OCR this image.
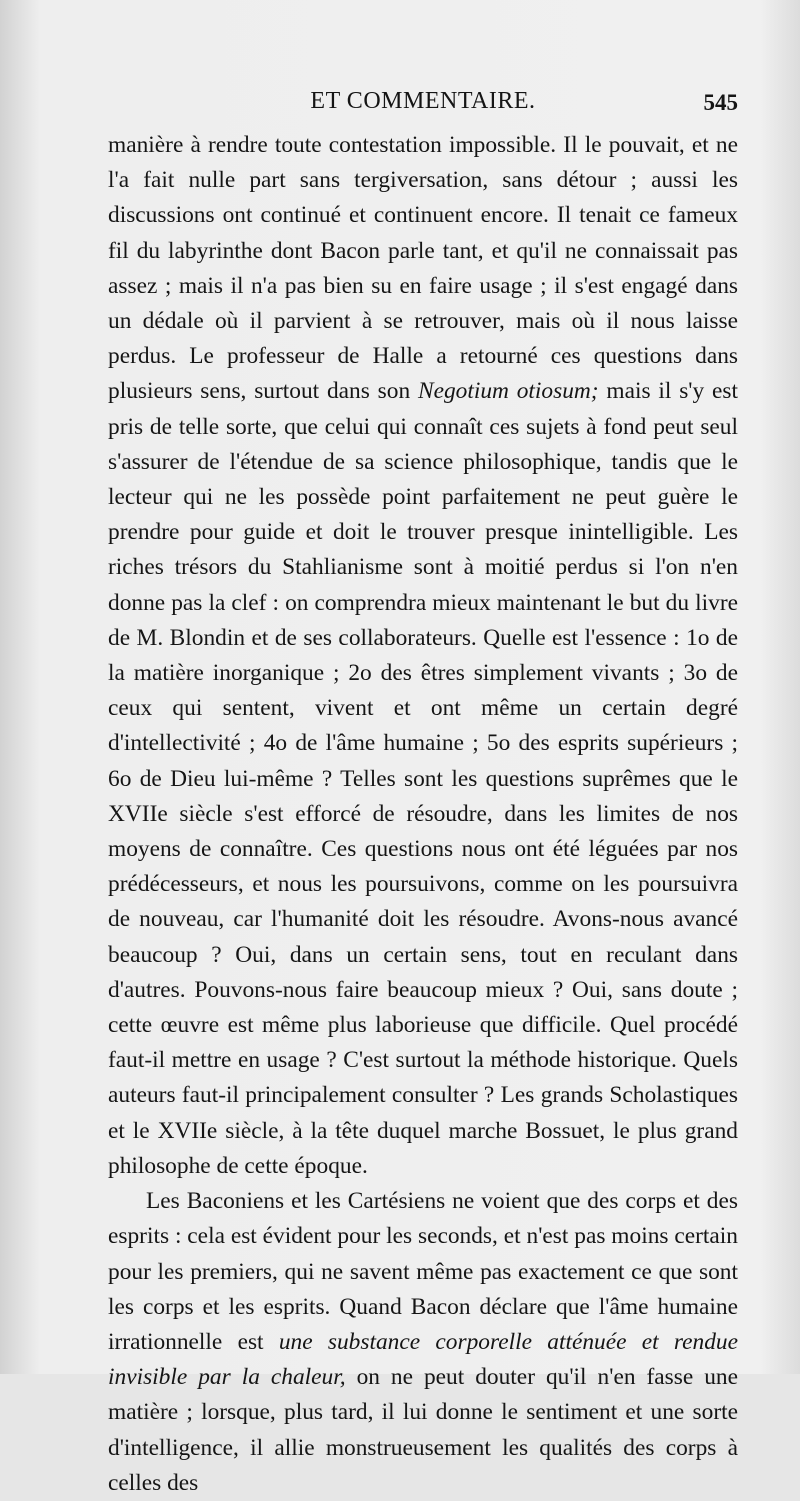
ET COMMENTAIRE.	545

manière à rendre toute contestation impossible. Il le pouvait, et ne l'a fait nulle part sans tergiversation, sans détour ; aussi les discussions ont continué et continuent encore. Il tenait ce fameux fil du labyrinthe dont Bacon parle tant, et qu'il ne connaissait pas assez ; mais il n'a pas bien su en faire usage ; il s'est engagé dans un dédale où il parvient à se retrouver, mais où il nous laisse perdus. Le professeur de Halle a retourné ces questions dans plusieurs sens, surtout dans son Negotium otiosum; mais il s'y est pris de telle sorte, que celui qui connaît ces sujets à fond peut seul s'assurer de l'étendue de sa science philosophique, tandis que le lecteur qui ne les possède point parfaitement ne peut guère le prendre pour guide et doit le trouver presque inintelligible. Les riches trésors du Stahlianisme sont à moitié perdus si l'on n'en donne pas la clef : on comprendra mieux maintenant le but du livre de M. Blondin et de ses collaborateurs. Quelle est l'essence : 1o de la matière inorganique ; 2o des êtres simplement vivants ; 3o de ceux qui sentent, vivent et ont même un certain degré d'intellectivité ; 4o de l'âme humaine ; 5o des esprits supérieurs ; 6o de Dieu lui-même ? Telles sont les questions suprêmes que le XVIIe siècle s'est efforcé de résoudre, dans les limites de nos moyens de connaître. Ces questions nous ont été léguées par nos prédécesseurs, et nous les poursuivons, comme on les poursuivra de nouveau, car l'humanité doit les résoudre. Avons-nous avancé beaucoup ? Oui, dans un certain sens, tout en reculant dans d'autres. Pouvons-nous faire beaucoup mieux ? Oui, sans doute ; cette œuvre est même plus laborieuse que difficile. Quel procédé faut-il mettre en usage ? C'est surtout la méthode historique. Quels auteurs faut-il principalement consulter ? Les grands Scholastiques et le XVIIe siècle, à la tête duquel marche Bossuet, le plus grand philosophe de cette époque.

Les Baconiens et les Cartésiens ne voient que des corps et des esprits : cela est évident pour les seconds, et n'est pas moins certain pour les premiers, qui ne savent même pas exactement ce que sont les corps et les esprits. Quand Bacon déclare que l'âme humaine irrationnelle est une substance corporelle atténuée et rendue invisible par la chaleur, on ne peut douter qu'il n'en fasse une matière ; lorsque, plus tard, il lui donne le sentiment et une sorte d'intelligence, il allie monstrueusement les qualités des corps à celles des
